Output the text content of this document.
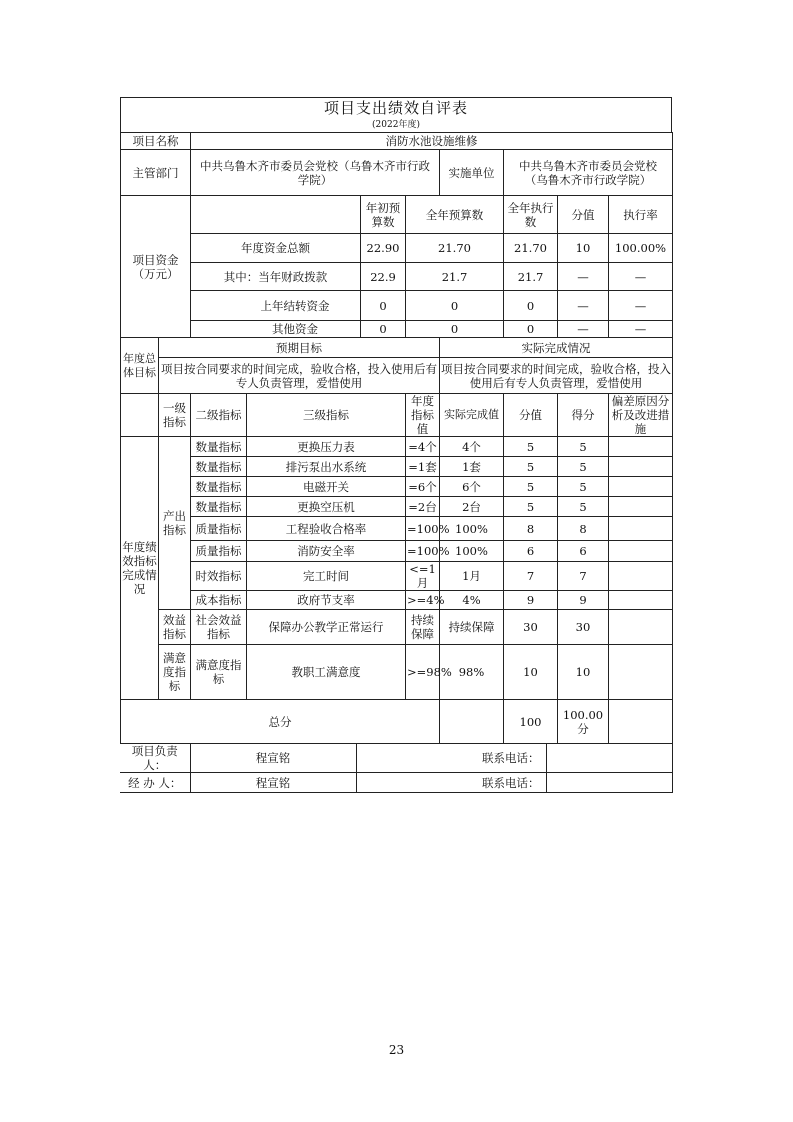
项目支出绩效自评表
(2022年度)
项目名称		消防水池设施维修								
主管部门		中共乌鲁木齐市委员会党校（乌鲁木齐市行政学院）				实施单位	中共乌鲁木齐市委员会党校（乌鲁木齐市行政学院）			
项目资金（万元）				年初预算数	全年预算数		全年执行数	分值	执行率	
		年度资金总额		22.90	21.70		21.70	10	100.00%	
		其中：当年财政拨款		22.9	21.7		21.7	—	—	
		上年结转资金		0	0		0	—	—	
		其他资金		0	0		0	—	—	
年度总体目标	预期目标					实际完成情况				
	项目按合同要求的时间完成，验收合格，投入使用后有专人负责管理，爱惜使用					项目按合同要求的时间完成，验收合格，投入使用后有专人负责管理，爱惜使用				
	一级指标	二级指标	三级指标		年度指标值	实际完成值	分值	得分	偏差原因分析及改进措施	
年度绩效指标完成情况	产出指标	数量指标	更换压力表		=4个	4个	5	5		
		数量指标	排污泵出水系统		=1套	1套	5	5		
		数量指标	电磁开关		=6个	6个	5	5		
		数量指标	更换空压机		=2台	2台	5	5		
		质量指标	工程验收合格率		=100%	100%	8	8		
		质量指标	消防安全率		=100%	100%	6	6		
		时效指标	完工时间		<=1月	1月	7	7		
		成本指标	政府节支率		>=4%	4%	9	9		
	效益指标	社会效益指标	保障办公教学正常运行		持续保障	持续保障	30	30		
	满意度指标	满意度指标	教职工满意度		>=98%	98%	10	10		
总分							100	100.00分		
项目负责人：	程宣铭	联系电话：	
经 办 人：	程宣铭	联系电话：	
23
